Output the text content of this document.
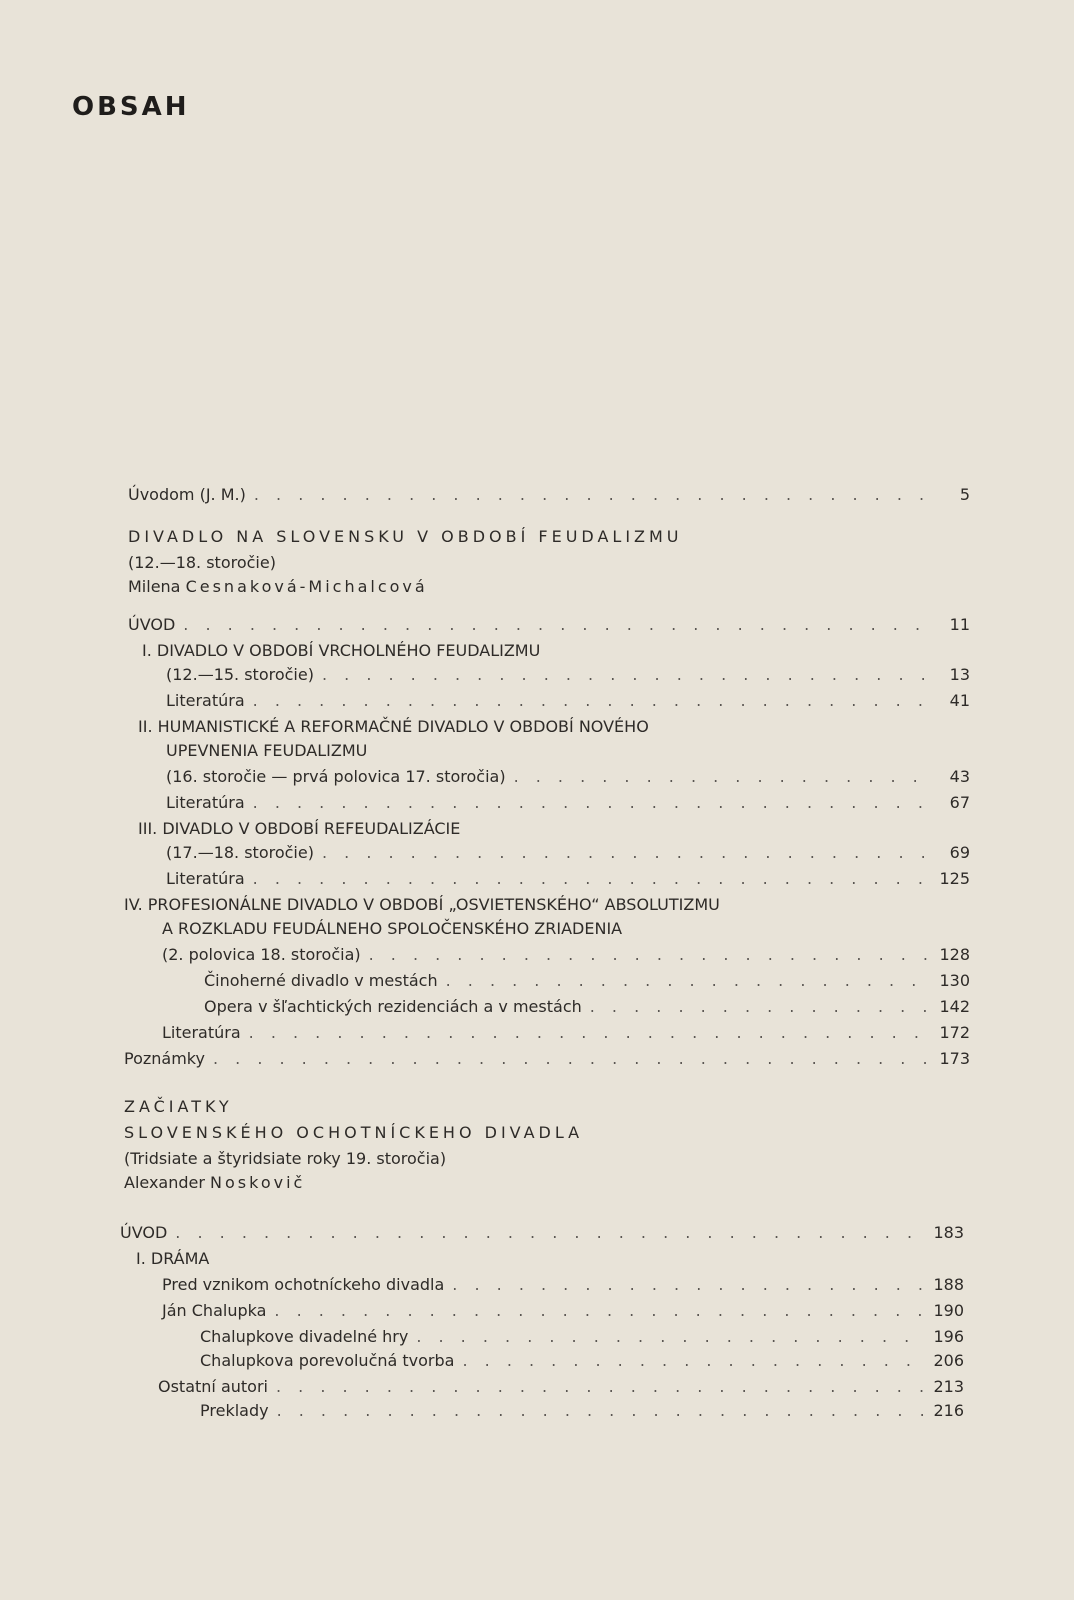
OBSAH
Úvodom (J. M.) . . .	5
DIVADLO NA SLOVENSKU V OBDOBÍ FEUDALIZMU
(12.—18. storočie)
Milena Cesnaková-Michalcová
ÚVOD . . .	11
I. DIVADLO V OBDOBÍ VRCHOLNÉHO FEUDALIZMU
(12.—15. storočie) . . .	13
Literatúra . . .	41
II. HUMANISTICKÉ A REFORMAČNÉ DIVADLO V OBDOBÍ NOVÉHO
UPEVNENIA FEUDALIZMU
(16. storočie — prvá polovica 17. storočia) . . .	43
Literatúra . . .	67
III. DIVADLO V OBDOBÍ REFEUDALIZÁCIE
(17.—18. storočie) . . .	69
Literatúra . . .	125
IV. PROFESIONÁLNE DIVADLO V OBDOBÍ „OSVIETENSKÉHO“ ABSOLUTIZMU
A ROZKLADU FEUDÁLNEHO SPOLOČENSKÉHO ZRIADENIA
(2. polovica 18. storočia) . . .	128
Činoherné divadlo v mestách . . .	130
Opera v šľachtických rezidenciách a v mestách . . .	142
Literatúra . . .	172
Poznámky . . .	173
ZAČIATKY
SLOVENSKÉHO OCHOTNÍCKEHO DIVADLA
(Tridsiate a štyridsiate roky 19. storočia)
Alexander Noskovič
ÚVOD . . .	183
I. DRÁMA
Pred vznikom ochotníckeho divadla . . .	188
Ján Chalupka . . .	190
Chalupkove divadelné hry . . .	196
Chalupkova porevolučná tvorba . . .	206
Ostatní autori . . .	213
Preklady . . .	216
